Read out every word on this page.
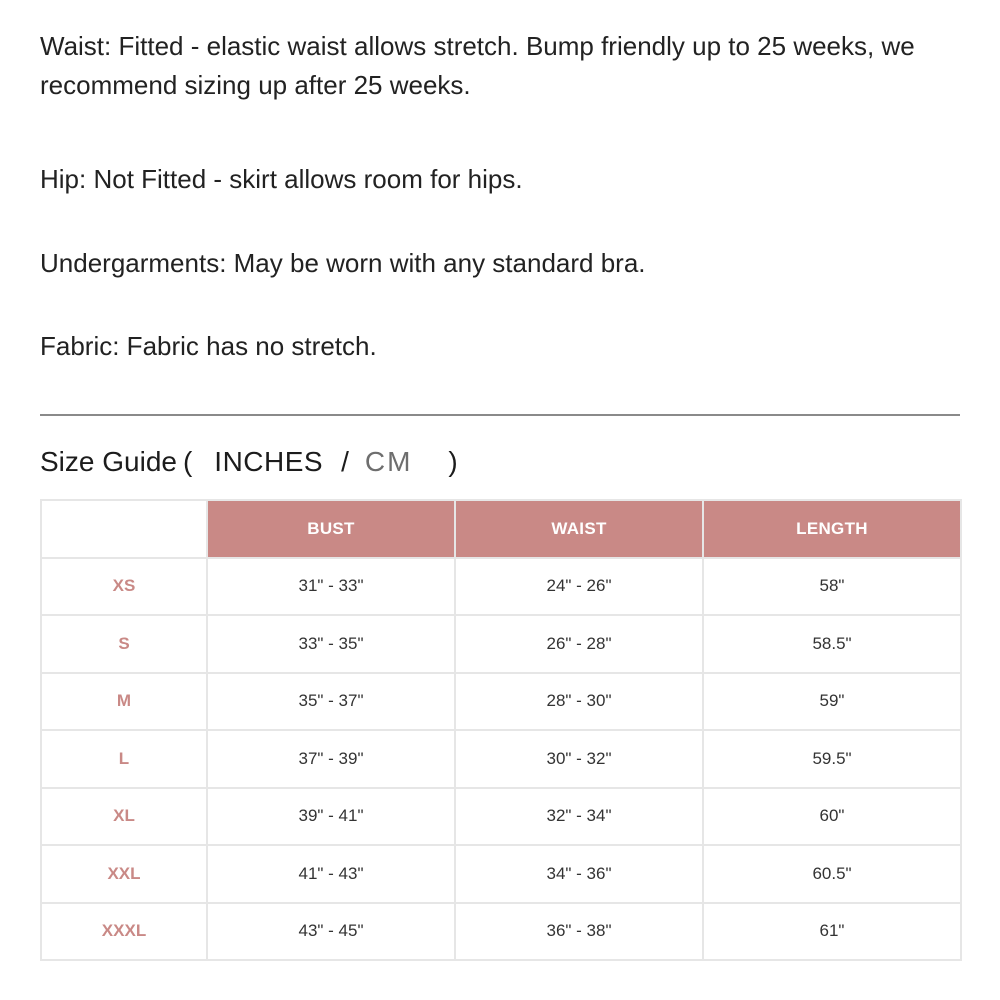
Waist: Fitted - elastic waist allows stretch. Bump friendly up to 25 weeks, we recommend sizing up after 25 weeks.

Hip: Not Fitted - skirt allows room for hips.

Undergarments: May be worn with any standard bra.

Fabric: Fabric has no stretch.

Size Guide ( INCHES / CM )
	BUST	WAIST	LENGTH
XS	31" - 33"	24" - 26"	58"
S	33" - 35"	26" - 28"	58.5"
M	35" - 37"	28" - 30"	59"
L	37" - 39"	30" - 32"	59.5"
XL	39" - 41"	32" - 34"	60"
XXL	41" - 43"	34" - 36"	60.5"
XXXL	43" - 45"	36" - 38"	61"
